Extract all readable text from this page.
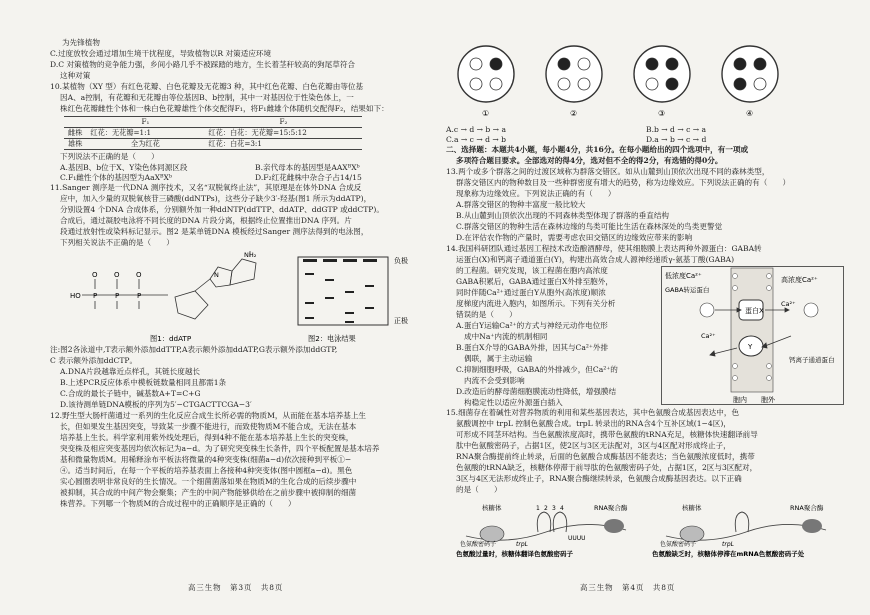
为先锋植物
C.过度放牧会通过增加生境干扰程度，导致植物以R 对策适应环境
D.C 对策植物的竞争能力强，乡间小路几乎不被踩踏的地方，生长着茎秆较高的狗尾草符合
这种对策
10.某植物（XY 型）有红色花瓣、白色花瓣及无花瓣3 种，其中红色花瓣、白色花瓣由等位基
因A、a控制，有花瓣和无花瓣由等位基因B、b控制，其中一对基因位于性染色体上，一
株红色花瓣雌性个体和一株白色花瓣雄性个体交配得F₁，将F₁雌雄个体随机交配得F₂，结果如下：
	F₁	F₂
雌株	红花：无花瓣=1:1	红花：白花：无花瓣=15:5:12
雄株	全为红花	红花：白花=3:1
下列说法不正确的是（　　）
A.基因B、b位于X、Y染色体同源区段	B.亲代母本的基因型是AAXᴮXᵇ
C.F₁雌性个体的基因型为AaXᴮXᵇ	D.F₂红花雌株中杂合子占14/15
11.Sanger 测序是一代DNA 测序技术，又名“双脱氧终止法”，其原理是在体外DNA 合成反
应中，加入少量的双脱氧核苷三磷酸(ddNTPs)，这些分子缺少3′-羟基(图1 所示为ddATP)，
分别设置4 个DNA 合成体系，分别额外加一种ddNTP(ddTTP、ddATP、ddGTP 或ddCTP)。
合成后，通过凝胶电泳将不同长度的DNA 片段分离，根据终止位置推出DNA 序列。片
段通过放射性或染料标记显示。图2 是某单链DNA 模板经过Sanger 测序法得到的电泳图，
下列相关说法不正确的是（　　）
HO P	P	P
O O O	N
NH₂
图1：ddATP
负极
正极
图2：电泳结果
注:图2各泳道中,T表示额外添加ddTTP,A表示额外添加ddATP,G表示额外添加ddGTP,
C 表示额外添加ddCTP。
A.DNA片段越靠近点样孔，其链长度越长
B.上述PCR反应体系中模板链数量相同且都需1条
C.合成的最长子链中，碱基数A+T=C+G
D.该待测单链DNA模板的序列为5′−CTGACTTCGA−3′
12.野生型大肠杆菌通过一系列的生化反应合成生长所必需的物质M，从而能在基本培养基上生
长，但如果发生基因突变，导致某一步骤不能进行，而致使物质M不能合成，无法在基本
培养基上生长。科学家利用紫外线处理后，得到4种不能在基本培养基上生长的突变株，
突变株及相应突变基因均依次标记为a−d。为了研究突变株生长条件，四个平板配置是基本培养
基和微量物质M。用稀释涂布平板法将微量的4种突变株(细菌a−d)依次接种到平板①−
④。适当时间后，在每一个平板的培养基表面上各接种4种突变体(图中圆框a−d)。黑色
实心圆圈表明非常良好的生长情况。一个细菌菌落如果在物质M的生化合成的后续步骤中
被抑制，其合成的中间产物会聚集；产生的中间产物能够供给在之前步骤中被抑制的细菌
株营养。下列哪一个物质M的合成过程中的正确顺序是正确的（　　）
①	②	③	④
A.c → d → b → a	B.b → d → c → a
C.a → c → d → b	D.a → b → c → d
二、选择题：本题共4小题，每小题4分，共16分。在每小题给出的四个选项中，有一项或
多项符合题目要求。全部选对的得4分，选对但不全的得2分，有选错的得0分。
13.两个或多个群落之间的过渡区域称为群落交错区。如从山麓到山顶依次出现不同的森林类型，
群落交错区内的物种数目及一些种群密度有增大的趋势，称为边缘效应。下列说法正确的有（　　）
现象称为边缘效应。下列说法正确的有（　　）
A.群落交错区的物种丰富度一般比较大
B.从山麓到山顶依次出现的不同森林类型体现了群落的垂直结构
C.群落交错区的物种生活在森林边缘的鸟类可能比生活在森林深处的鸟类更警觉
D.在评估农作物的产量时，需要考虑农田交错区的边缘效应带来的影响
14.我国科研团队通过基因工程技术改造酿酒酵母，使其细胞膜上表达两种外源蛋白：GABA转
运蛋白(X)和钙离子通道蛋白(Y)，构建出高效合成人源神经递质γ-氨基丁酸(GABA)
的工程菌。研究发现，该工程菌在胞内高浓度
GABA积累后，GABA通过蛋白X外排至胞外，
同时伴随Ca²⁺通过蛋白Y从胞外(高浓度)顺浓
度梯度内流进入胞内，如图所示。下列有关分析
错误的是（　　）
A.蛋白Y运输Ca²⁺的方式与神经元动作电位形
成中Na⁺内流的机制相同
B.蛋白X介导的GABA外排，因其与Ca²⁺外排
偶联，属于主动运输
C.抑制细胞呼吸，GABA的外排减少，但Ca²⁺的
内流不会受到影响
D.改造后的酵母菌细胞膜流动性降低，增强膜结
构稳定性以适应外源蛋白插入
蛋白X
Y
低浓度Ca²⁺	高浓度Ca²⁺
GABA转运蛋白
钙离子通道蛋白
胞内 胞外
Ca²⁺
Ca²⁺
15.细菌存在着碱性对营养物质的利用和某些基因表达，其中色氨酸合成基因表达中，色
氨酸调控中 trpL 控制色氨酸合成。trpL 转录出的RNA含4个互补区域(1−4区)，
可形成不同茎环结构。当色氨酸浓度高时，携带色氨酸的tRNA充足，核糖体快速翻译前导
肽中色氨酸密码子，占据1区，使2区与3区无法配对，3区与4区配对形成终止子，
RNA聚合酶提前终止转录，后面的色氨酸合成酶基因不能表达；当色氨酸浓度低时，携带
色氨酸的tRNA缺乏，核糖体停滞于前导肽的色氨酸密码子处，占据1区，2区与3区配对，
3区与4区无法形成终止子，RNA聚合酶继续转录，色氨酸合成酶基因表达。以下正确
的是（　　）
核糖体	核糖体
RNA聚合酶	RNA聚合酶
1 2 3 4
UUUU
色氨酸密码子	色氨酸密码子
trpL	trpL
色氨酸过量时，核糖体翻译色氨酸密码子	色氨酸缺乏时，核糖体停滞在mRNA色氨酸密码子处
高三生物　第3页　共8页	高三生物　第4页　共8页
